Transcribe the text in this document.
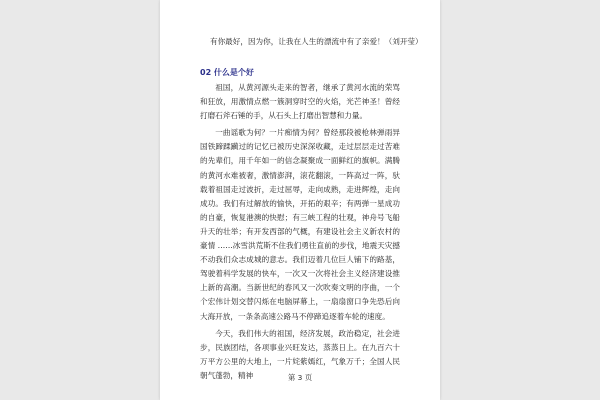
有你最好，因为你，让我在人生的漂流中有了亲爱！（刘开莹）
02 什么是个好

祖国，从黄河源头走来的智者，继承了黄河水流的荣骂和狂放，用激情点燃一簇洞穿时空的火焰，光芒神圣！曾经打磨石斧石锤的手，从石头上打磨出智慧和力量。

一曲谣歌为何？一片痴情为何？曾经那段被枪林弹雨异国铁蹄蹂躏过的记忆已被历史深深收藏，走过层层走过苦难的先辈们，用千年如一的信念凝聚成一面鲜红的旗帜。满腾的黄河水难被奢，激情澎湃，滚花翻滚，一阵高过一阵，驮载着祖国走过波折，走过屈辱，走向成熟，走进辉煌，走向成功。我们有过解放的愉快，开拓的艰辛；有两弹一星成功的自豪，恢复港澳的快慰；有三峡工程的壮观，神舟号飞船升天的壮举；有开发西部的气概，有建设社会主义新农村的豪情 ……冰雪洪荒斯不住我们勇往直前的步伐，地震天灾撼不动我们众志成城的意志。我们迈着几位巨人铺下的路基，驾驶着科学发展的快车，一次又一次将社会主义经济建设推上新的高潮。当新世纪的春风又一次吹奏文明的序曲，一个个宏伟计划交替闪烁在电脑屏幕上，一扇扇窗口争先恐后向大海开放，一条条高速公路马不停蹄追逐着车轮的速度。

今天，我们伟大的祖国，经济发展，政治稳定，社会进步，民族团结，各项事业兴旺发达，蒸蒸日上。在九百六十万平方公里的大地上，一片姹紫嫣红，气象万千；全国人民朝气蓬勃，精神	第 3 页
